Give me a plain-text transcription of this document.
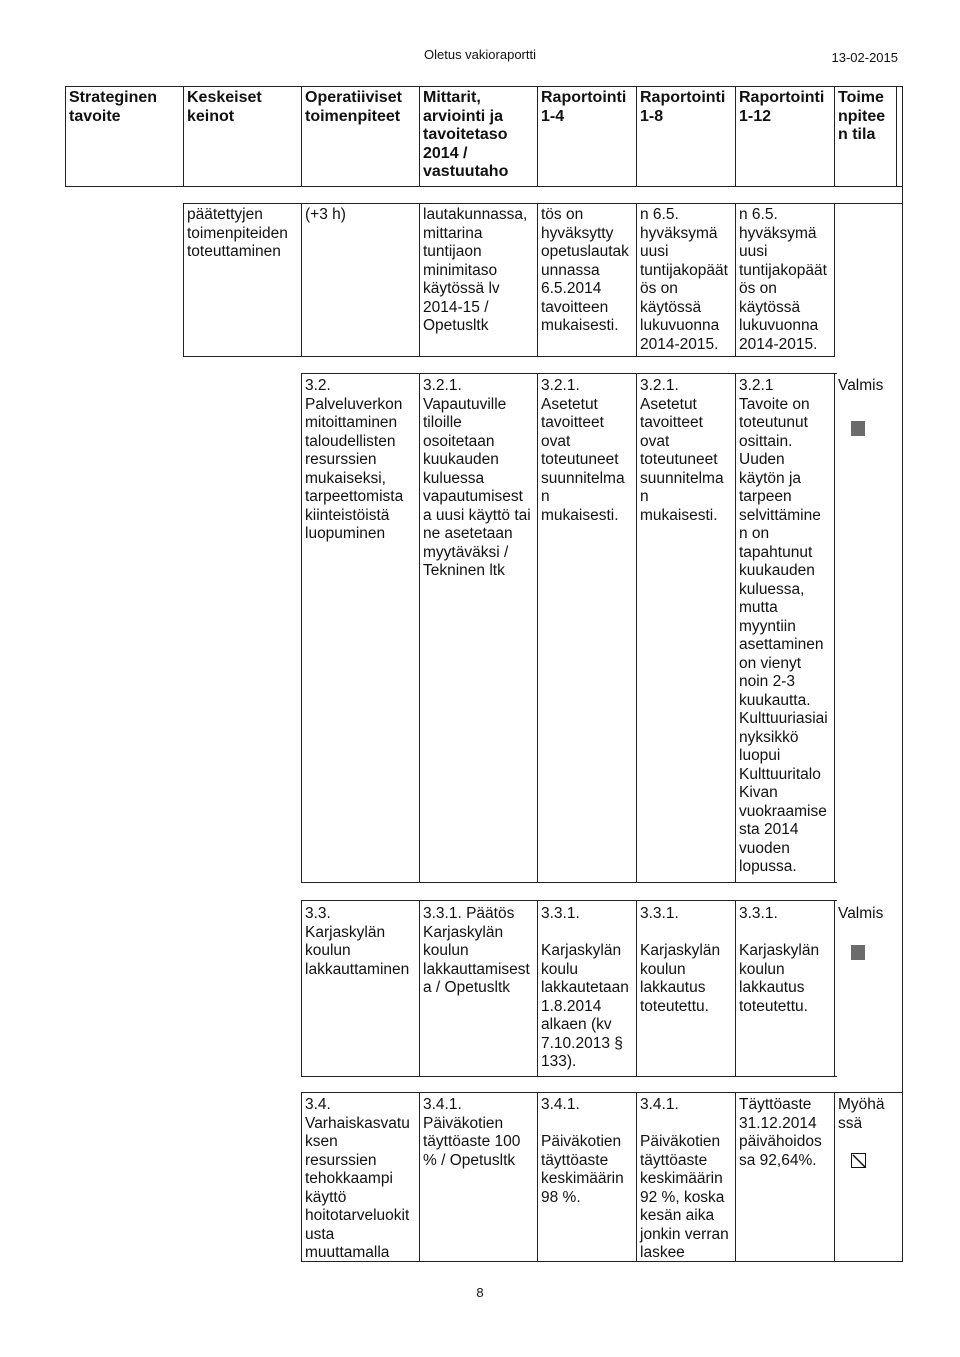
Oletus vakioraportti	13-02-2015
Strateginen
tavoite
Keskeiset
keinot
Operatiiviset
toimenpiteet
Mittarit,
arviointi ja
tavoitetaso
2014 /
vastuutaho
Raportointi
1-4
Raportointi
1-8
Raportointi
1-12
Toime
npitee
n tila
päätettyjen
toimenpiteiden
toteuttaminen
(+3 h)	lautakunnassa,
mittarina
tuntijaon
minimitaso
käytössä lv
2014-15 /
Opetusltk
tös on
hyväksytty
opetuslautak
unnassa
6.5.2014
tavoitteen
mukaisesti.
n 6.5.
hyväksymä
uusi
tuntijakopäät
ös on
käytössä
lukuvuonna
2014-2015.
n 6.5.
hyväksymä
uusi
tuntijakopäät
ös on
käytössä
lukuvuonna
2014-2015.
3.2.
Palveluverkon
mitoittaminen
taloudellisten
resurssien
mukaiseksi,
tarpeettomista
kiinteistöistä
luopuminen
3.2.1.
Vapautuville
tiloille
osoitetaan
kuukauden
kuluessa
vapautumisest
a uusi käyttö tai
ne asetetaan
myytäväksi /
Tekninen ltk
3.2.1.
Asetetut
tavoitteet
ovat
toteutuneet
suunnitelma
n
mukaisesti.
3.2.1.
Asetetut
tavoitteet
ovat
toteutuneet
suunnitelma
n
mukaisesti.
3.2.1
Tavoite on
toteutunut
osittain.
Uuden
käytön ja
tarpeen
selvittämine
n on
tapahtunut
kuukauden
kuluessa,
mutta
myyntiin
asettaminen
on vienyt
noin 2-3
kuukautta.
Kulttuuriasiai
nyksikkö
luopui
Kulttuuritalo
Kivan
vuokraamise
sta 2014
vuoden
lopussa.
Valmis
3.3.
Karjaskylän
koulun
lakkauttaminen
3.3.1. Päätös
Karjaskylän
koulun
lakkauttamisest
a / Opetusltk
3.3.1.

Karjaskylän
koulu
lakkautetaan
1.8.2014
alkaen (kv
7.10.2013 §
133).
3.3.1.

Karjaskylän
koulun
lakkautus
toteutettu.
3.3.1.

Karjaskylän
koulun
lakkautus
toteutettu.
Valmis
3.4.
Varhaiskasvatu
ksen
resurssien
tehokkaampi
käyttö
hoitotarveluokit
usta
muuttamalla
3.4.1.
Päiväkotien
täyttöaste 100
% / Opetusltk
3.4.1.

Päiväkotien
täyttöaste
keskimäärin
98 %.
3.4.1.

Päiväkotien
täyttöaste
keskimäärin
92 %, koska
kesän aika
jonkin verran
laskee
Täyttöaste
31.12.2014
päivähoidos
sa 92,64%.
Myöhä
ssä
8
